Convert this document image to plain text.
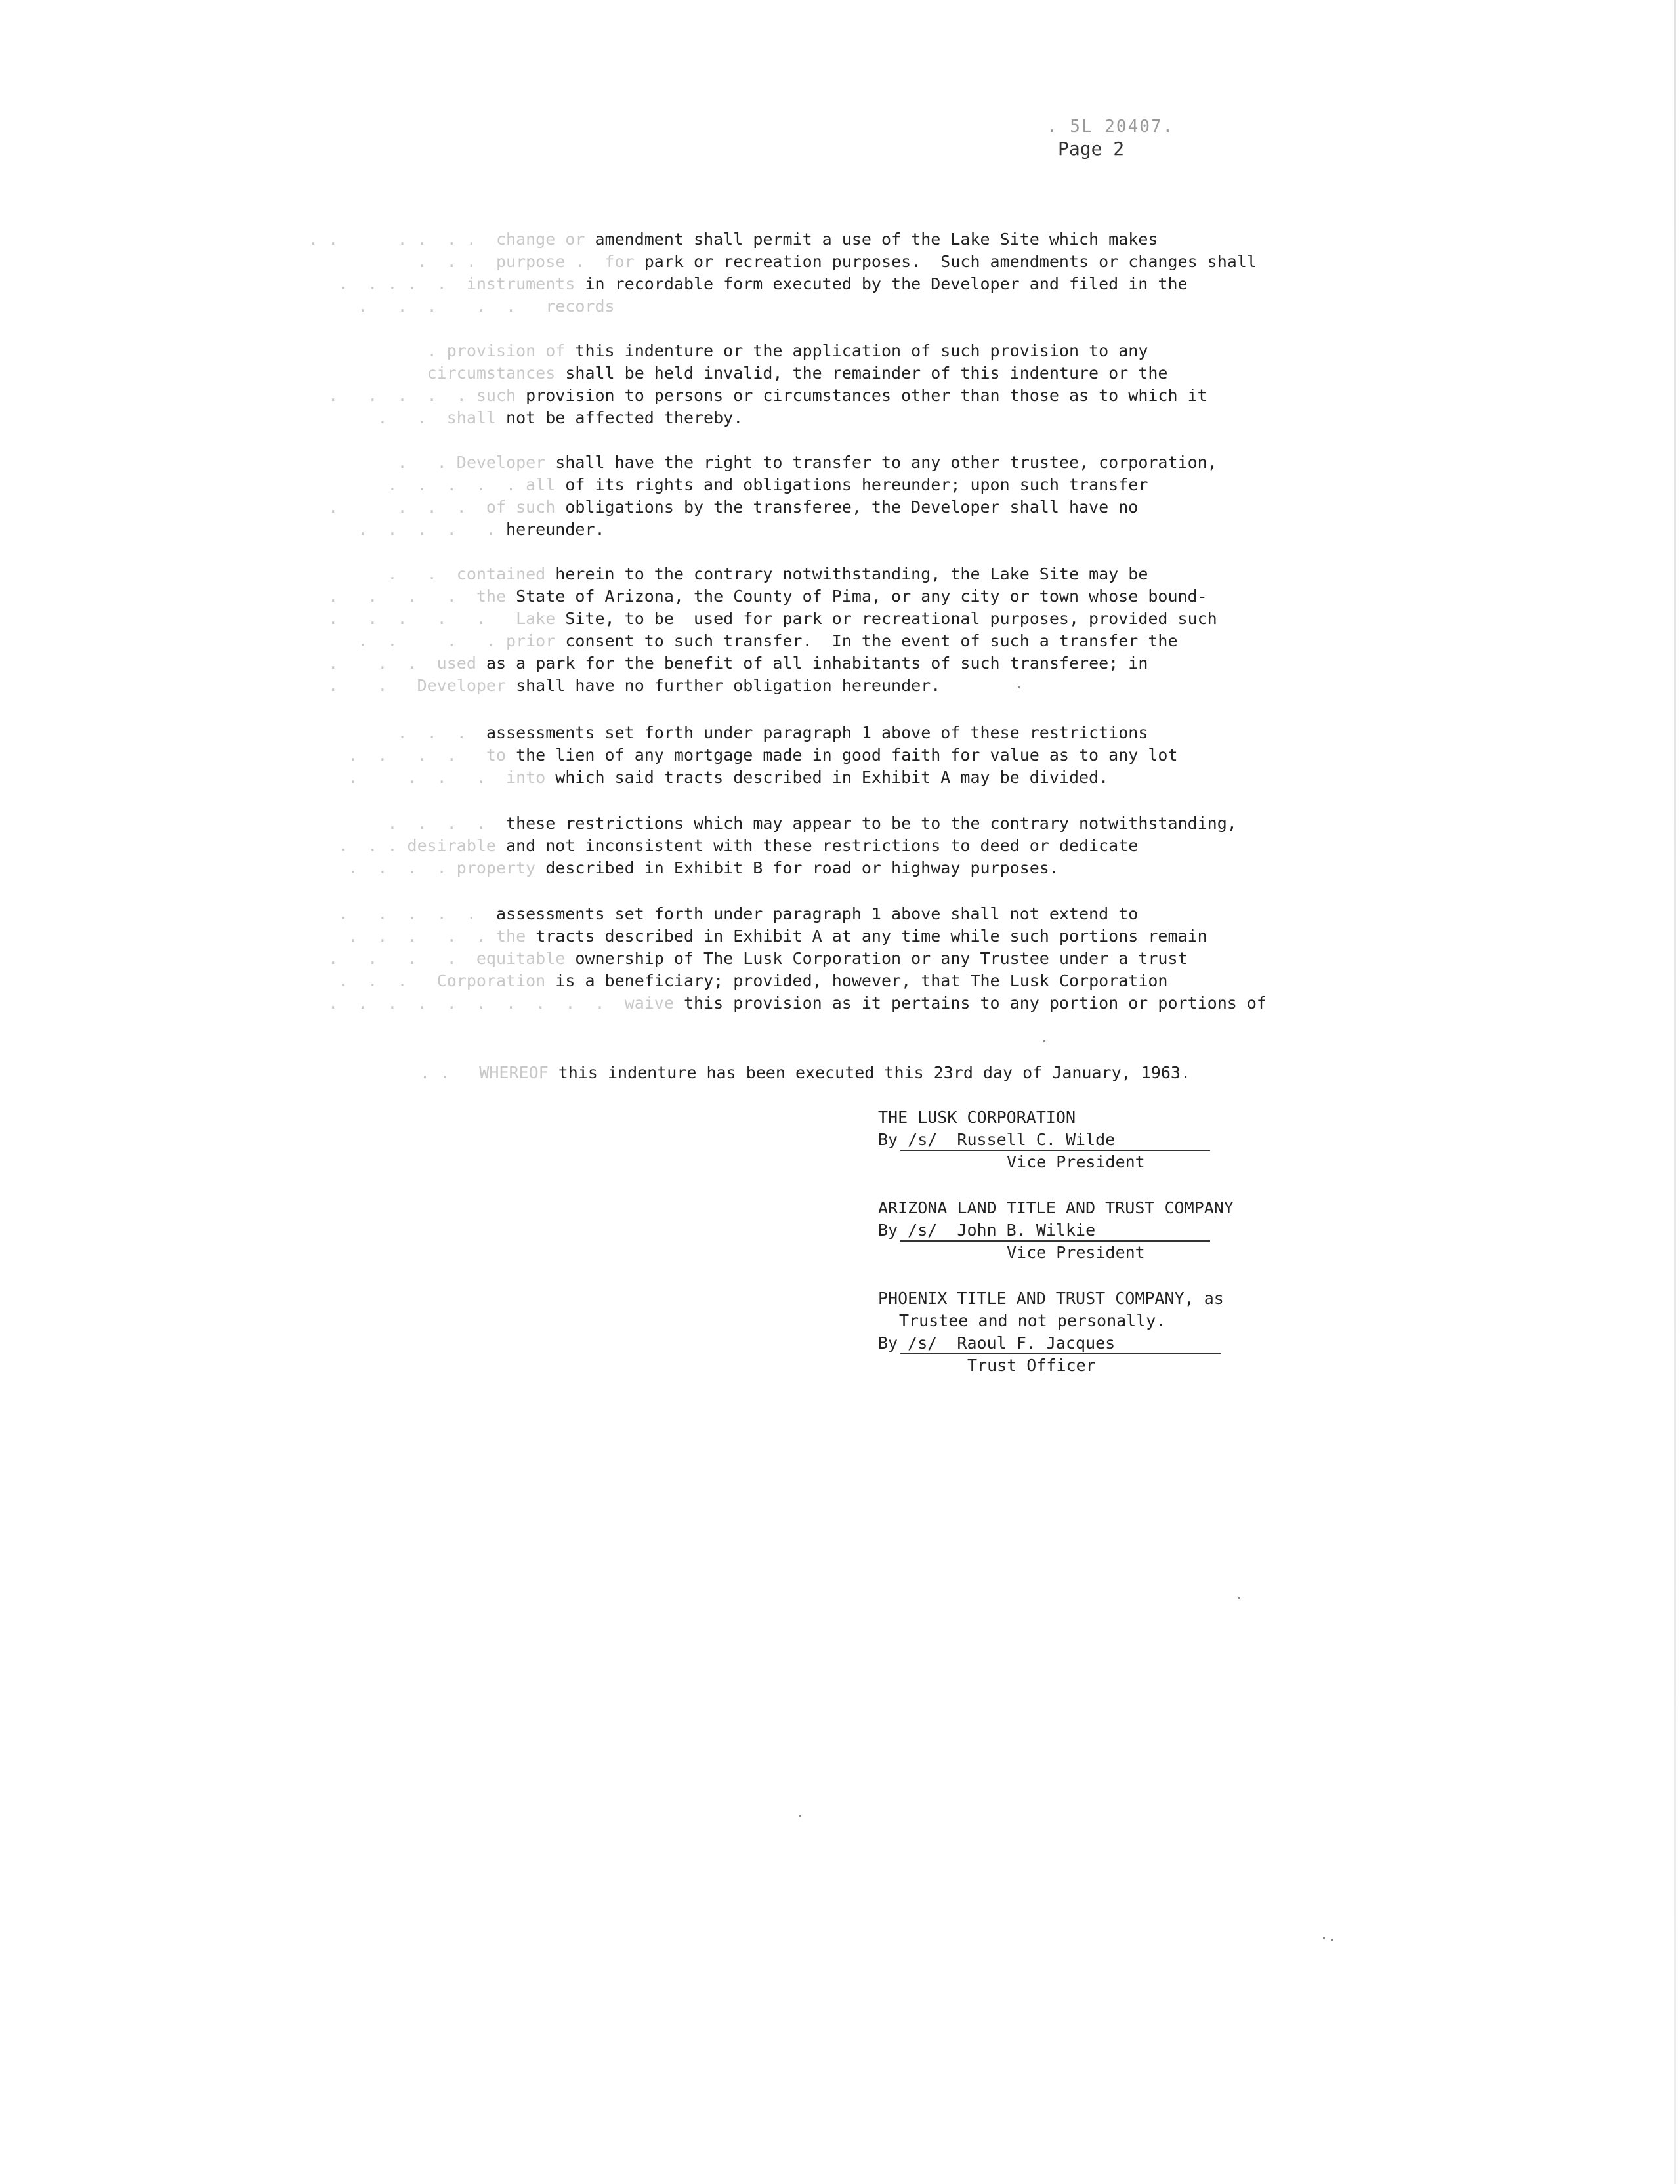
. 5L 20407.
Page 2
. .      . .  . .  change or amendment shall permit a use of the Lake Site which makes
.  . .  purpose .  for park or recreation purposes.  Such amendments or changes shall
.  . . .  .  instruments in recordable form executed by the Developer and filed in the
.   .  .    .  .   records
. provision of this indenture or the application of such provision to any
circumstances shall be held invalid, the remainder of this indenture or the
.   .  .  .  . such provision to persons or circumstances other than those as to which it
.   .  shall not be affected thereby.
.   . Developer shall have the right to transfer to any other trustee, corporation,
.  .  .  .  . all of its rights and obligations hereunder; upon such transfer
.      .  .  .  of such obligations by the transferee, the Developer shall have no
.  .  .  .   . hereunder.
.   .  contained herein to the contrary notwithstanding, the Lake Site may be
.   .   .   .  the State of Arizona, the County of Pima, or any city or town whose bound-
.   .  .   .   .   Lake Site, to be  used for park or recreational purposes, provided such
.  .     .   . prior consent to such transfer.  In the event of such a transfer the
.    .  .  used as a park for the benefit of all inhabitants of such transferee; in
.    .   Developer shall have no further obligation hereunder.
.  .  .  assessments set forth under paragraph 1 above of these restrictions
.  .   .  .   to the lien of any mortgage made in good faith for value as to any lot
.     .  .   .  into which said tracts described in Exhibit A may be divided.
.  .  .  .  these restrictions which may appear to be to the contrary notwithstanding,
.  . . desirable and not inconsistent with these restrictions to deed or dedicate
.  .  .  . property described in Exhibit B for road or highway purposes.
.   .  .  .  .  assessments set forth under paragraph 1 above shall not extend to
.  .  .   .  . the tracts described in Exhibit A at any time while such portions remain
.   .   .   .  equitable ownership of The Lusk Corporation or any Trustee under a trust
.  .  .   Corporation is a beneficiary; provided, however, that The Lusk Corporation
.  .  .  .  .  .  .  .  .  .  waive this provision as it pertains to any portion or portions of
. .   WHEREOF this indenture has been executed this 23rd day of January, 1963.
THE LUSK CORPORATION
By /s/  Russell C. Wilde
Vice President
ARIZONA LAND TITLE AND TRUST COMPANY
By /s/  John B. Wilkie
Vice President
PHOENIX TITLE AND TRUST COMPANY, as
Trustee and not personally.
By /s/  Raoul F. Jacques
Trust Officer
